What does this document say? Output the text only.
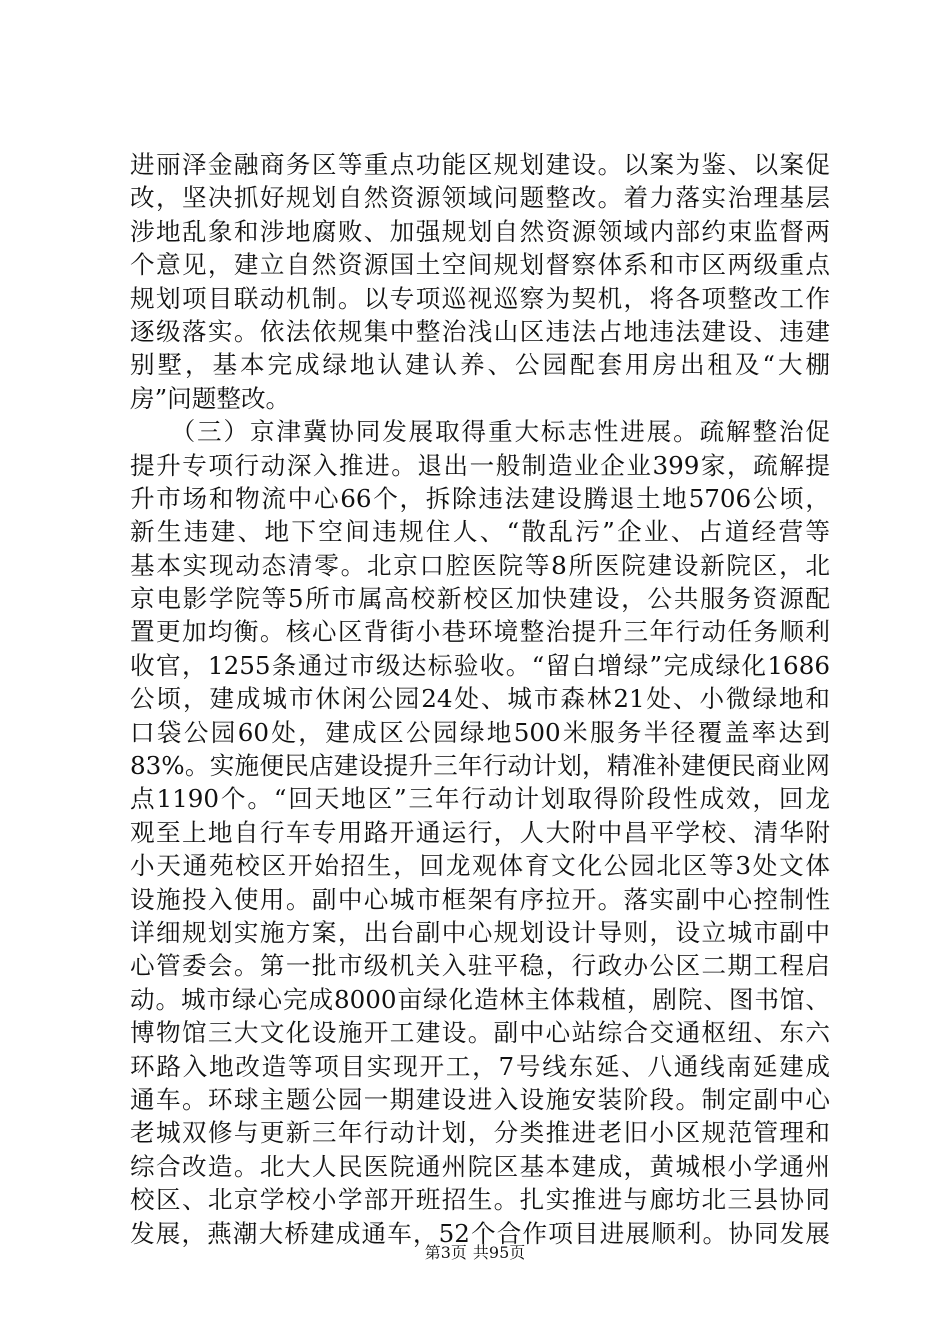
进丽泽金融商务区等重点功能区规划建设。以案为鉴、以案促
改，坚决抓好规划自然资源领域问题整改。着力落实治理基层
涉地乱象和涉地腐败、加强规划自然资源领域内部约束监督两
个意见，建立自然资源国土空间规划督察体系和市区两级重点
规划项目联动机制。以专项巡视巡察为契机，将各项整改工作
逐级落实。依法依规集中整治浅山区违法占地违法建设、违建
别墅，基本完成绿地认建认养、公园配套用房出租及“大棚
房”问题整改。
　　（三）京津冀协同发展取得重大标志性进展。疏解整治促
提升专项行动深入推进。退出一般制造业企业399家，疏解提
升市场和物流中心66个，拆除违法建设腾退土地5706公顷，
新生违建、地下空间违规住人、“散乱污”企业、占道经营等
基本实现动态清零。北京口腔医院等8所医院建设新院区，北
京电影学院等5所市属高校新校区加快建设，公共服务资源配
置更加均衡。核心区背街小巷环境整治提升三年行动任务顺利
收官，1255条通过市级达标验收。“留白增绿”完成绿化1686
公顷，建成城市休闲公园24处、城市森林21处、小微绿地和
口袋公园60处，建成区公园绿地500米服务半径覆盖率达到
83%。实施便民店建设提升三年行动计划，精准补建便民商业网
点1190个。“回天地区”三年行动计划取得阶段性成效，回龙
观至上地自行车专用路开通运行，人大附中昌平学校、清华附
小天通苑校区开始招生，回龙观体育文化公园北区等3处文体
设施投入使用。副中心城市框架有序拉开。落实副中心控制性
详细规划实施方案，出台副中心规划设计导则，设立城市副中
心管委会。第一批市级机关入驻平稳，行政办公区二期工程启
动。城市绿心完成8000亩绿化造林主体栽植，剧院、图书馆、
博物馆三大文化设施开工建设。副中心站综合交通枢纽、东六
环路入地改造等项目实现开工，7号线东延、八通线南延建成
通车。环球主题公园一期建设进入设施安装阶段。制定副中心
老城双修与更新三年行动计划，分类推进老旧小区规范管理和
综合改造。北大人民医院通州院区基本建成，黄城根小学通州
校区、北京学校小学部开班招生。扎实推进与廊坊北三县协同
发展，燕潮大桥建成通车，52个合作项目进展顺利。协同发展
第3页 共95页
